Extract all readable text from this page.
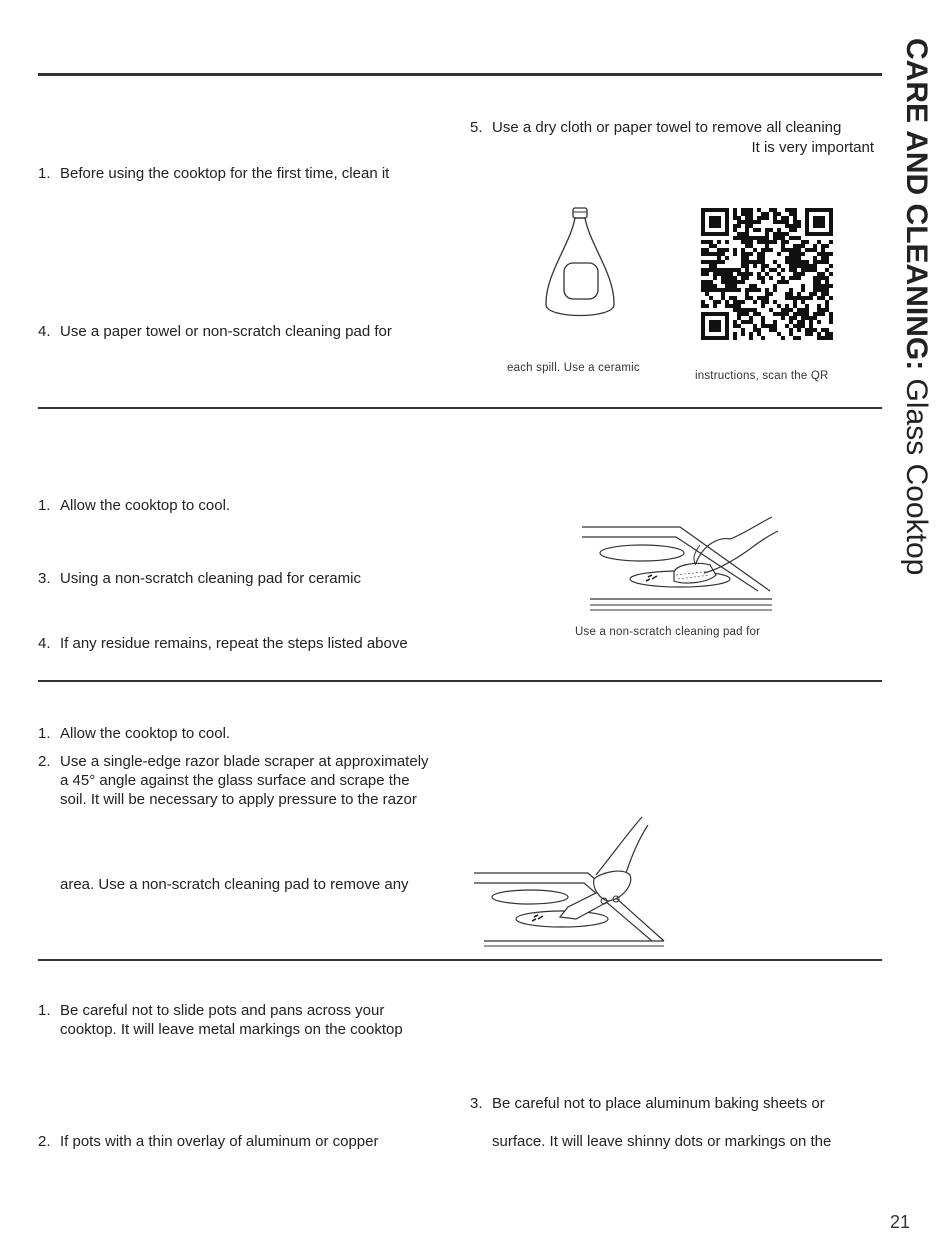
CARE AND CLEANING: Glass Cooktop
1. Before using the cooktop for the first time, clean it
4. Use a paper towel or non-scratch cleaning pad for
5. Use a dry cloth or paper towel to remove all cleaning
It is very important
each spill. Use a ceramic
instructions, scan the QR
1. Allow the cooktop to cool.
3. Using a non-scratch cleaning pad for ceramic
4. If any residue remains, repeat the steps listed above
Use a non-scratch cleaning pad for
1. Allow the cooktop to cool.
2. Use a single-edge razor blade scraper at approximately
a 45° angle against the glass surface and scrape the
soil. It will be necessary to apply pressure to the razor
area. Use a non-scratch cleaning pad to remove any
1. Be careful not to slide pots and pans across your
cooktop. It will leave metal markings on the cooktop
2. If pots with a thin overlay of aluminum or copper
3. Be careful not to place aluminum baking sheets or
surface. It will leave shinny dots or markings on the
21
